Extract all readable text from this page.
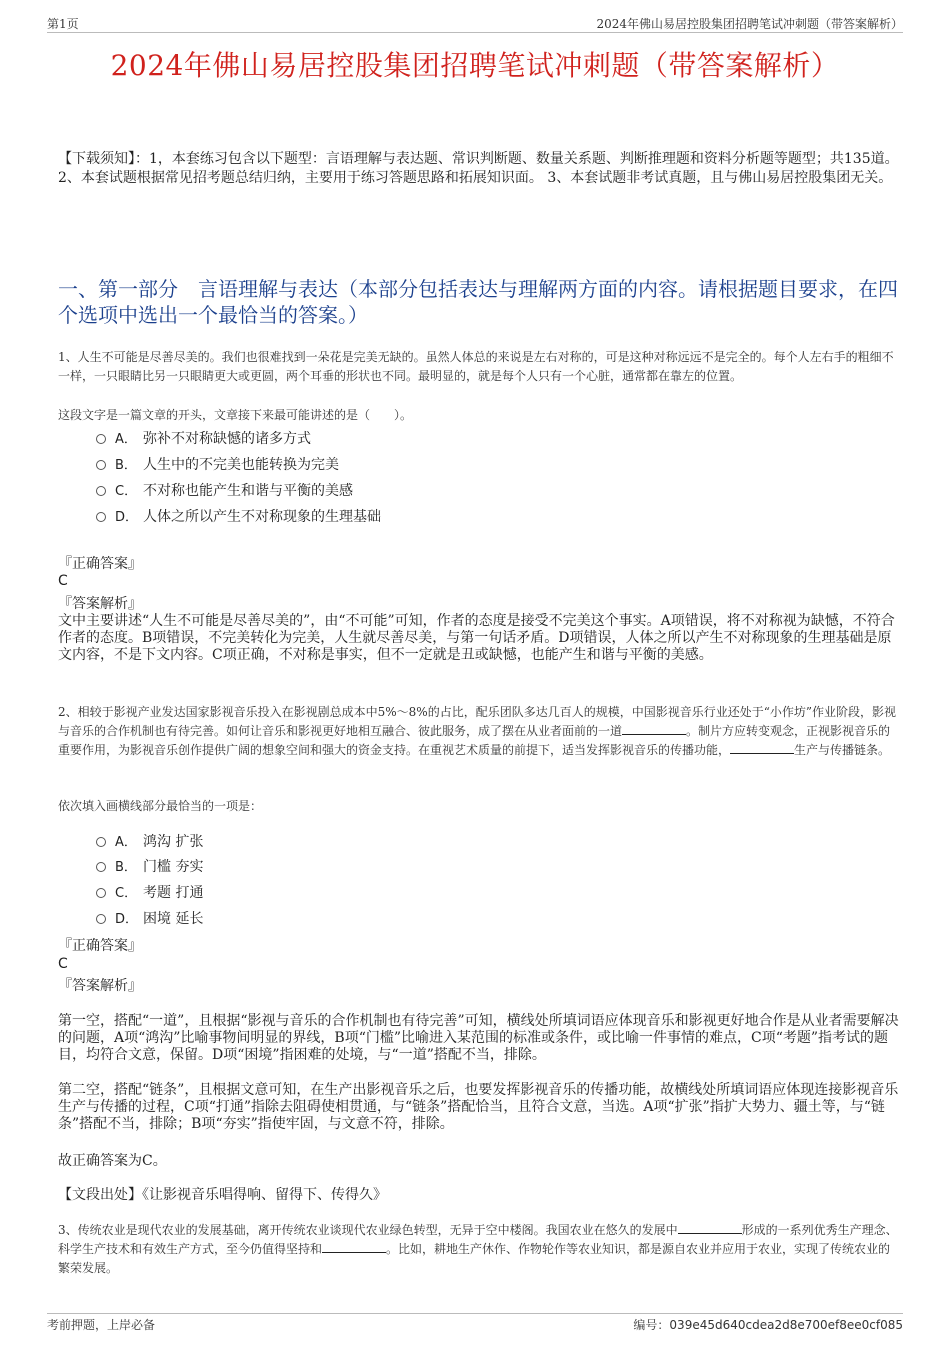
第1页	2024年佛山易居控股集团招聘笔试冲刺题（带答案解析）
2024年佛山易居控股集团招聘笔试冲刺题（带答案解析）
【下载须知】：1，本套练习包含以下题型：言语理解与表达题、常识判断题、数量关系题、判断推理题和资料分析题等题型；共135道。 2、本套试题根据常见招考题总结归纳，主要用于练习答题思路和拓展知识面。 3、本套试题非考试真题，且与佛山易居控股集团无关。
一、第一部分　言语理解与表达（本部分包括表达与理解两方面的内容。请根据题目要求，在四个选项中选出一个最恰当的答案。）
1、人生不可能是尽善尽美的。我们也很难找到一朵花是完美无缺的。虽然人体总的来说是左右对称的，可是这种对称远远不是完全的。每个人左右手的粗细不一样，一只眼睛比另一只眼睛更大或更圆，两个耳垂的形状也不同。最明显的，就是每个人只有一个心脏，通常都在靠左的位置。
这段文字是一篇文章的开头，文章接下来最可能讲述的是（　　）。
A． 弥补不对称缺憾的诸多方式
B． 人生中的不完美也能转换为完美
C． 不对称也能产生和谐与平衡的美感
D． 人体之所以产生不对称现象的生理基础
『正确答案』
C
『答案解析』
文中主要讲述“人生不可能是尽善尽美的”，由“不可能”可知，作者的态度是接受不完美这个事实。A项错误，将不对称视为缺憾，不符合作者的态度。B项错误，不完美转化为完美，人生就尽善尽美，与第一句话矛盾。D项错误，人体之所以产生不对称现象的生理基础是原文内容，不是下文内容。C项正确，不对称是事实，但不一定就是丑或缺憾，也能产生和谐与平衡的美感。
2、相较于影视产业发达国家影视音乐投入在影视剧总成本中5%～8%的占比，配乐团队多达几百人的规模，中国影视音乐行业还处于“小作坊”作业阶段，影视与音乐的合作机制也有待完善。如何让音乐和影视更好地相互融合、彼此服务，成了摆在从业者面前的一道	。制片方应转变观念，正视影视音乐的重要作用，为影视音乐创作提供广阔的想象空间和强大的资金支持。在重视艺术质量的前提下，适当发挥影视音乐的传播功能，	生产与传播链条。
依次填入画横线部分最恰当的一项是：
A． 鸿沟 扩张
B． 门槛 夯实
C． 考题 打通
D． 困境 延长
『正确答案』
C
『答案解析』
第一空，搭配“一道”，且根据“影视与音乐的合作机制也有待完善”可知，横线处所填词语应体现音乐和影视更好地合作是从业者需要解决的问题，A项“鸿沟”比喻事物间明显的界线，B项“门槛”比喻进入某范围的标准或条件，或比喻一件事情的难点，C项“考题”指考试的题目，均符合文意，保留。D项“困境”指困难的处境，与“一道”搭配不当，排除。
第二空，搭配“链条”，且根据文意可知，在生产出影视音乐之后，也要发挥影视音乐的传播功能，故横线处所填词语应体现连接影视音乐生产与传播的过程，C项“打通”指除去阻碍使相贯通，与“链条”搭配恰当，且符合文意，当选。A项“扩张”指扩大势力、疆土等，与“链条”搭配不当，排除；B项“夯实”指使牢固，与文意不符，排除。
故正确答案为C。
【文段出处】《让影视音乐唱得响、留得下、传得久》
3、传统农业是现代农业的发展基础，离开传统农业谈现代农业绿色转型，无异于空中楼阁。我国农业在悠久的发展中	形成的一系列优秀生产理念、科学生产技术和有效生产方式，至今仍值得坚持和	。比如，耕地生产休作、作物轮作等农业知识，都是源自农业并应用于农业，实现了传统农业的繁荣发展。
考前押题，上岸必备	编号：039e45d640cdea2d8e700ef8ee0cf085
